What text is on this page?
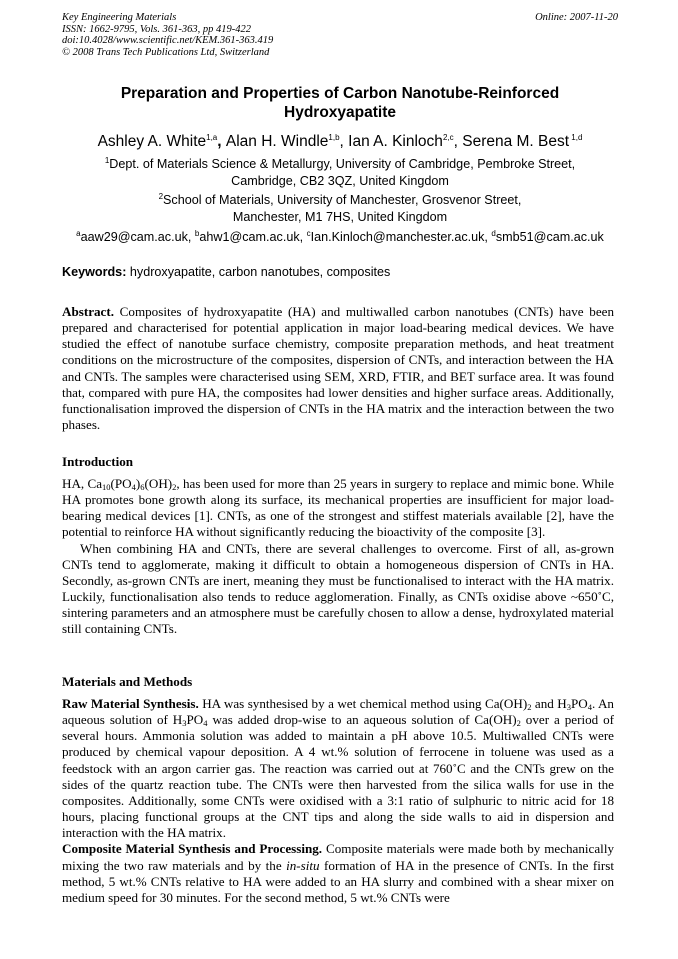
Key Engineering Materials
ISSN: 1662-9795, Vols. 361-363, pp 419-422
doi:10.4028/www.scientific.net/KEM.361-363.419
© 2008 Trans Tech Publications Ltd, Switzerland
Online: 2007-11-20
Preparation and Properties of Carbon Nanotube-Reinforced
Hydroxyapatite
Ashley A. White$^{1,a}$, Alan H. Windle$^{1,b}$, Ian A. Kinloch$^{2,c}$, Serena M. Best $^{1,d}$
$^1$Dept. of Materials Science & Metallurgy, University of Cambridge, Pembroke Street,
Cambridge, CB2 3QZ, United Kingdom
$^2$School of Materials, University of Manchester, Grosvenor Street,
Manchester, M1 7HS, United Kingdom
$^a$aaw29@cam.ac.uk, $^b$ahw1@cam.ac.uk, $^c$Ian.Kinloch@manchester.ac.uk, $^d$smb51@cam.ac.uk
Keywords: hydroxyapatite, carbon nanotubes, composites

Abstract. Composites of hydroxyapatite (HA) and multiwalled carbon nanotubes (CNTs) have been prepared and characterised for potential application in major load-bearing medical devices. We have studied the effect of nanotube surface chemistry, composite preparation methods, and heat treatment conditions on the microstructure of the composites, dispersion of CNTs, and interaction between the HA and CNTs. The samples were characterised using SEM, XRD, FTIR, and BET surface area. It was found that, compared with pure HA, the composites had lower densities and higher surface areas. Additionally, functionalisation improved the dispersion of CNTs in the HA matrix and the interaction between the two phases.

Introduction

HA, $Ca_{10}(PO_4)_6(OH)_2$, has been used for more than 25 years in surgery to replace and mimic bone. While HA promotes bone growth along its surface, its mechanical properties are insufficient for major load-bearing medical devices [1]. CNTs, as one of the strongest and stiffest materials available [2], have the potential to reinforce HA without significantly reducing the bioactivity of the composite [3].

When combining HA and CNTs, there are several challenges to overcome. First of all, as-grown CNTs tend to agglomerate, making it difficult to obtain a homogeneous dispersion of CNTs in HA. Secondly, as-grown CNTs are inert, meaning they must be functionalised to interact with the HA matrix. Luckily, functionalisation also tends to reduce agglomeration. Finally, as CNTs oxidise above ~650˚C, sintering parameters and an atmosphere must be carefully chosen to allow a dense, hydroxylated material still containing CNTs.

Materials and Methods

Raw Material Synthesis. HA was synthesised by a wet chemical method using $Ca(OH)_2$ and $H_3PO_4$. An aqueous solution of $H_3PO_4$ was added drop-wise to an aqueous solution of $Ca(OH)_2$ over a period of several hours. Ammonia solution was added to maintain a pH above 10.5. Multiwalled CNTs were produced by chemical vapour deposition. A 4 wt.% solution of ferrocene in toluene was used as a feedstock with an argon carrier gas. The reaction was carried out at 760˚C and the CNTs grew on the sides of the quartz reaction tube. The CNTs were then harvested from the silica walls for use in the composites. Additionally, some CNTs were oxidised with a 3:1 ratio of sulphuric to nitric acid for 18 hours, placing functional groups at the CNT tips and along the side walls to aid in dispersion and interaction with the HA matrix.

Composite Material Synthesis and Processing. Composite materials were made both by mechanically mixing the two raw materials and by the in-situ formation of HA in the presence of CNTs. In the first method, 5 wt.% CNTs relative to HA were added to an HA slurry and combined with a shear mixer on medium speed for 30 minutes. For the second method, 5 wt.% CNTs were
